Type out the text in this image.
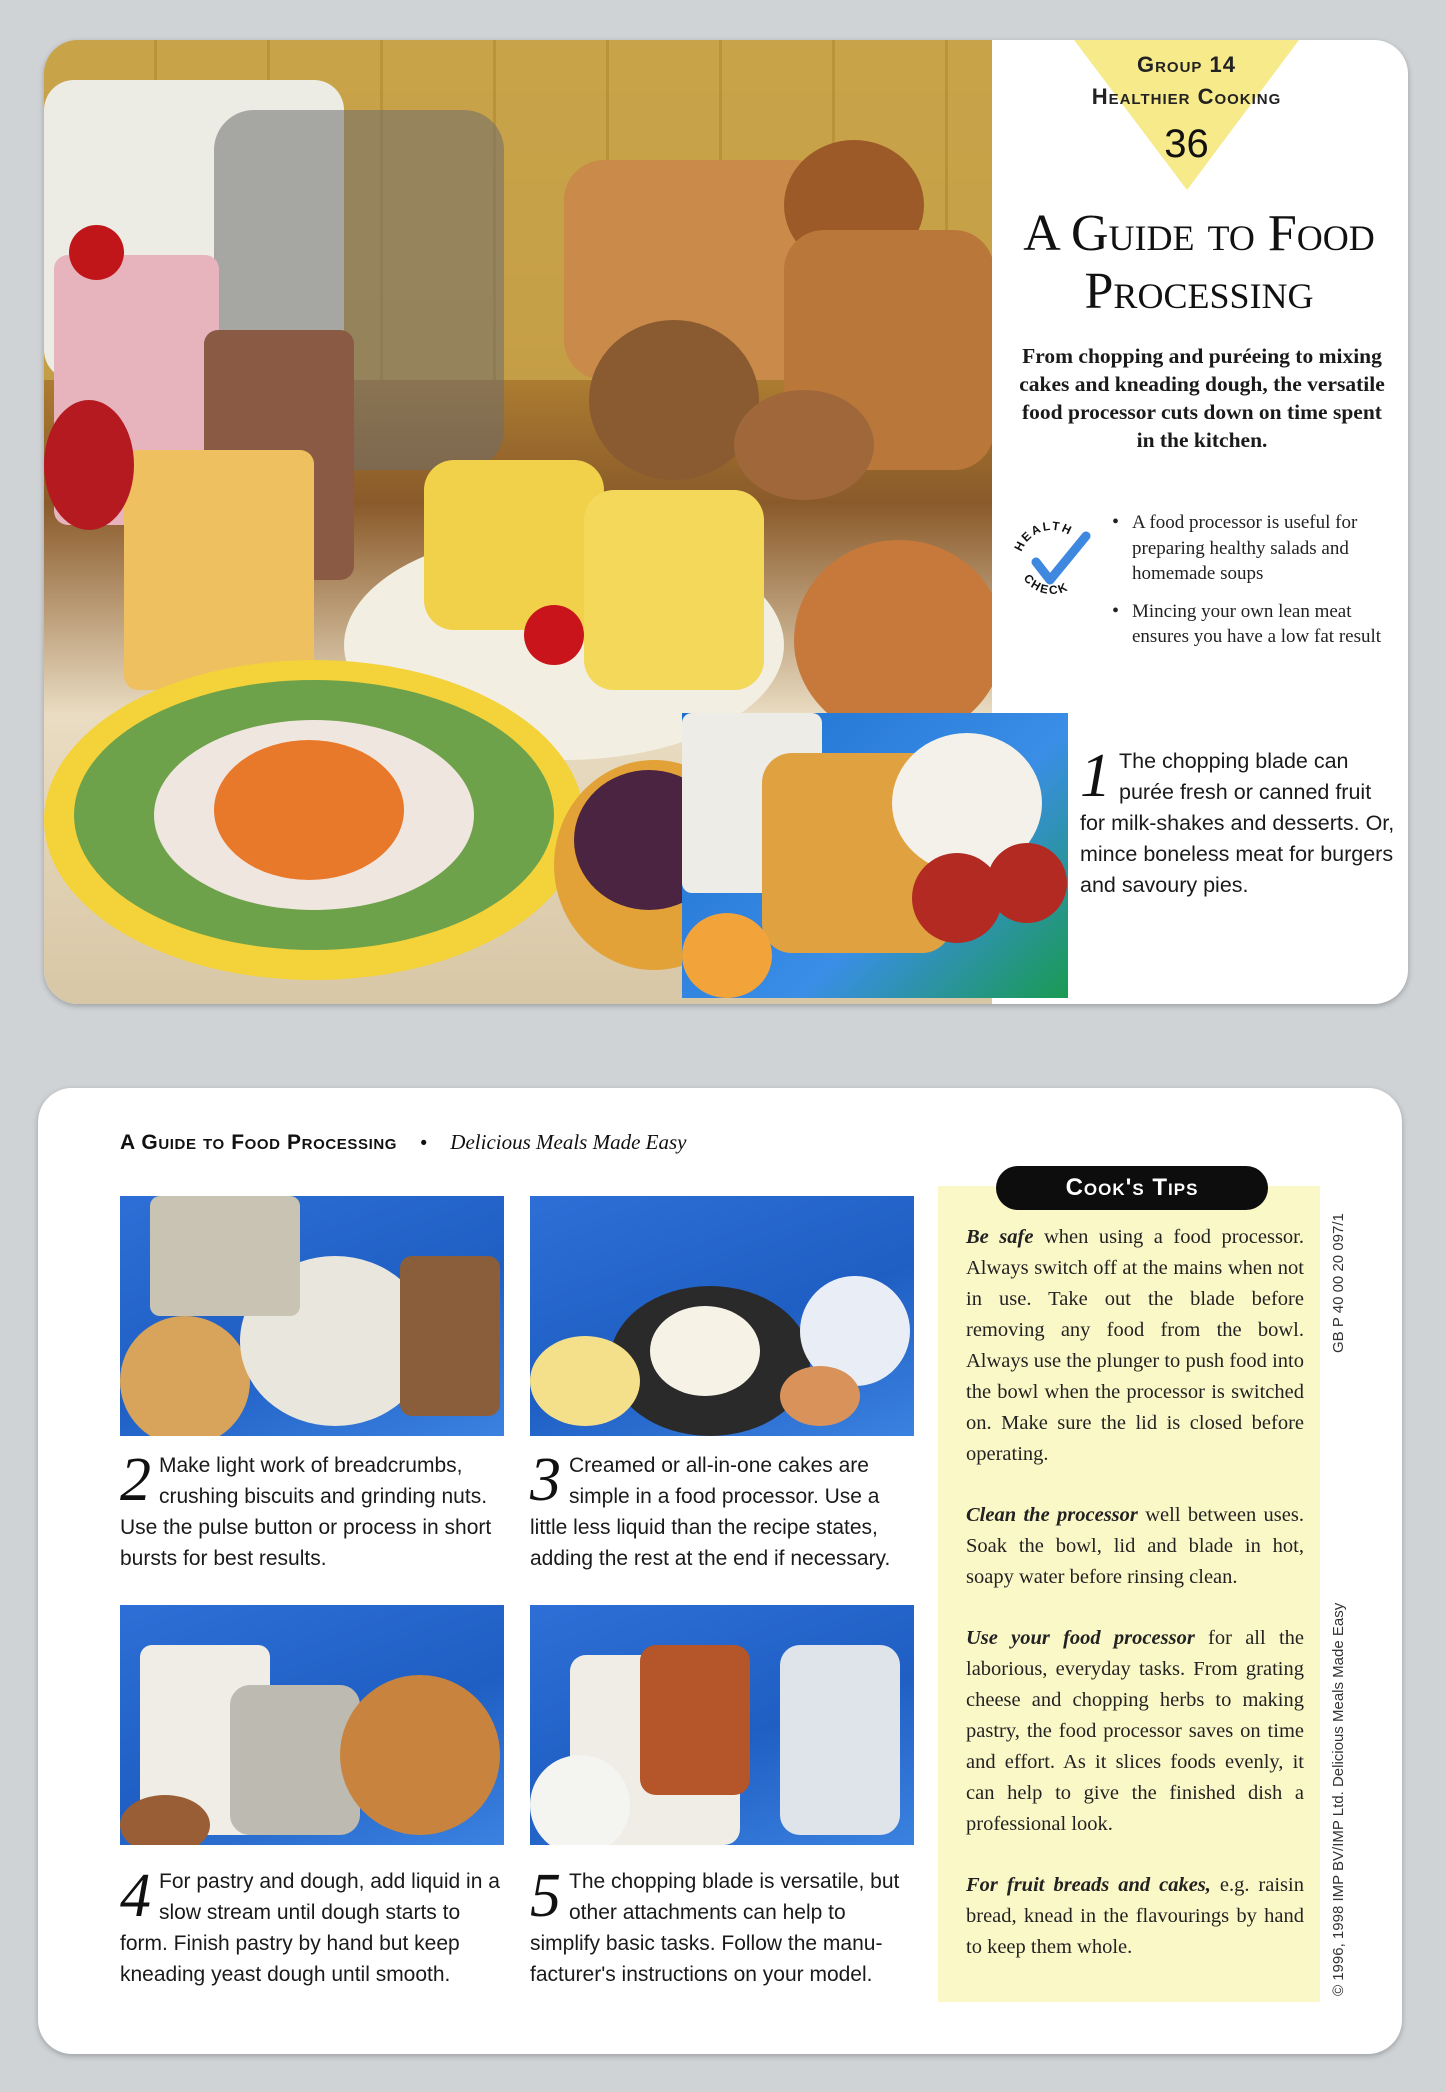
Group 14
Healthier Cooking
36
A Guide to Food
Processing
From chopping and puréeing to mixing cakes and kneading dough, the versatile food processor cuts down on time spent in the kitchen.
HEALTH
CHECK
• A food processor is useful for preparing healthy salads and homemade soups
• Mincing your own lean meat ensures you have a low fat result
1 The chopping blade can purée fresh or canned fruit for milk-shakes and desserts. Or, mince boneless meat for burgers and savoury pies.
A Guide to Food Processing • Delicious Meals Made Easy
2 Make light work of breadcrumbs, crushing biscuits and grinding nuts. Use the pulse button or process in short bursts for best results.
3 Creamed or all-in-one cakes are simple in a food processor. Use a little less liquid than the recipe states, adding the rest at the end if necessary.
4 For pastry and dough, add liquid in a slow stream until dough starts to form. Finish pastry by hand but keep kneading yeast dough until smooth.
5 The chopping blade is versatile, but other attachments can help to simplify basic tasks. Follow the manu-facturer's instructions on your model.
Cook's Tips

Be safe when using a food processor. Always switch off at the mains when not in use. Take out the blade before removing any food from the bowl. Always use the plunger to push food into the bowl when the processor is switched on. Make sure the lid is closed before operating.

Clean the processor well between uses. Soak the bowl, lid and blade in hot, soapy water before rinsing clean.

Use your food processor for all the laborious, everyday tasks. From grating cheese and chopping herbs to making pastry, the food processor saves on time and effort. As it slices foods evenly, it can help to give the finished dish a professional look.

For fruit breads and cakes, e.g. raisin bread, knead in the flavourings by hand to keep them whole.

GB P 40 00 20 097/1
© 1996, 1998 IMP BV/IMP Ltd. Delicious Meals Made Easy
